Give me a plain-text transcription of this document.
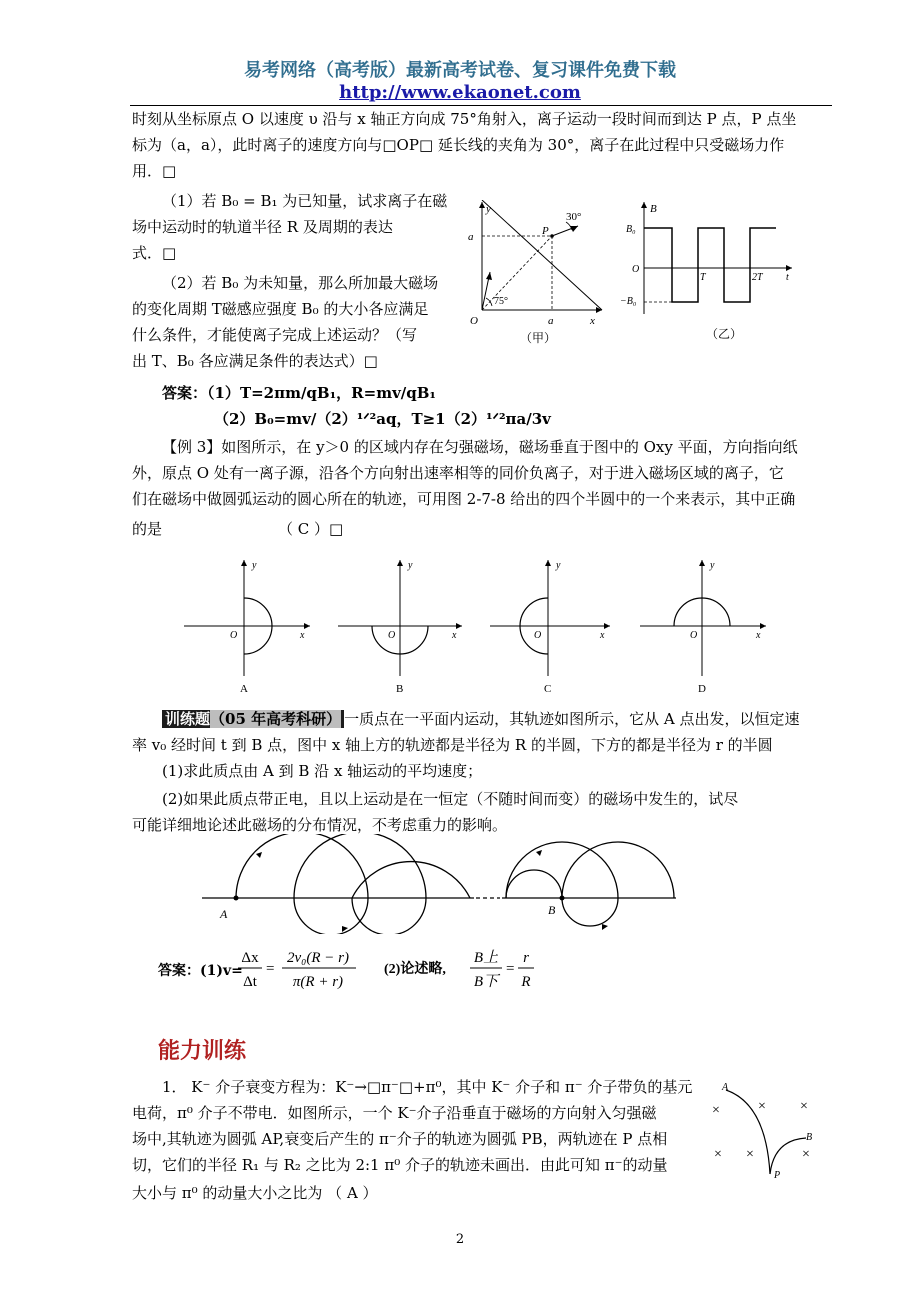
易考网络（高考版）最新高考试卷、复习课件免费下载
http://www.ekaonet.com
时刻从坐标原点 O 以速度 υ 沿与 x 轴正方向成 75°角射入，离子运动一段时间而到达 P 点，P 点坐
标为（a，a），此时离子的速度方向与□OP□ 延长线的夹角为 30°，离子在此过程中只受磁场力作
用．□
（1）若 B₀ = B₁ 为已知量，试求离子在磁
场中运动时的轨道半径 R 及周期的表达
式．□
（2）若 B₀ 为未知量，那么所加最大磁场
的变化周期 T磁感应强度 B₀ 的大小各应满足
什么条件，才能使离子完成上述运动？（写
出 T、B₀ 各应满足条件的表达式）□
答案：（1）T=2πm/qB₁，R=mv/qB₁
（2）B₀=mv/（2）¹ᐟ²aq，T≥1（2）¹ᐟ²πa/3v
y
x
a
a
O
P
30°
75°
（甲）
B
B₀
O
−B₀
T	2T t
（乙）
【例 3】如图所示，在 y＞0 的区域内存在匀强磁场，磁场垂直于图中的 Oxy 平面，方向指向纸
外，原点 O 处有一离子源，沿各个方向射出速率相等的同价负离子，对于进入磁场区域的离子，它
们在磁场中做圆弧运动的圆心所在的轨迹，可用图 2-7-8 给出的四个半圆中的一个来表示，其中正确
的是	（ C ）□
y
x
O
A
y
x
O
B
y
x
O
C
y
x
O
D
训练题（05 年高考科研） 一质点在一平面内运动，其轨迹如图所示，它从 A 点出发，以恒定速
率 v₀ 经时间 t 到 B 点，图中 x 轴上方的轨迹都是半径为 R 的半圆，下方的都是半径为 r 的半圆
(1)求此质点由 A 到 B 沿 x 轴运动的平均速度；
(2)如果此质点带正电，且以上运动是在一恒定（不随时间而变）的磁场中发生的，试尽
可能详细地论述此磁场的分布情况，不考虑重力的影响。
A	B
答案：(1)v=
Δx
Δt
=
2v₀(R − r)
π(R + r)
(2)论述略,
B上
B下
=
r
R
能力训练
1． K⁻ 介子衰变方程为：K⁻→□π⁻□+π⁰，其中 K⁻ 介子和 π⁻ 介子带负的基元
电荷，π⁰ 介子不带电．如图所示，一个 K⁻介子沿垂直于磁场的方向射入匀强磁
场中,其轨迹为圆弧 AP,衰变后产生的 π⁻介子的轨迹为圆弧 PB，两轨迹在 P 点相
切，它们的半径 R₁ 与 R₂ 之比为 2:1 π⁰ 介子的轨迹未画出．由此可知 π⁻的动量
大小与 π⁰ 的动量大小之比为 （ A ）
A
B
P
×	× ×
× ×	×
2
